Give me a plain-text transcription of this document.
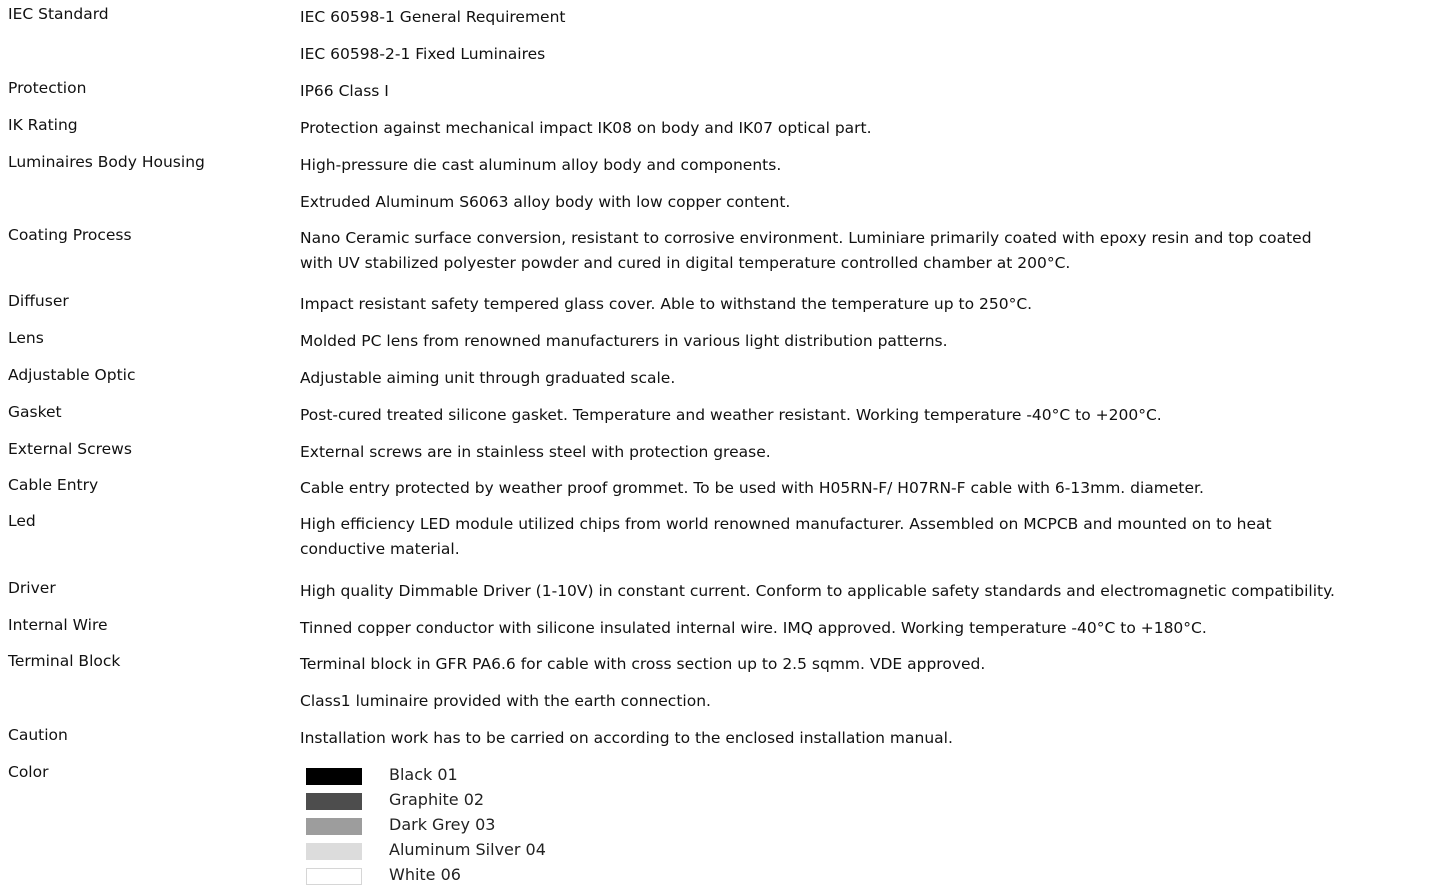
IEC Standard	IEC 60598-1 General Requirement
IEC 60598-2-1 Fixed Luminaires
Protection	IP66 Class I
IK Rating	Protection against mechanical impact IK08 on body and IK07 optical part.
Luminaires Body Housing	High-pressure die cast aluminum alloy body and components.
Extruded Aluminum S6063 alloy body with low copper content.
Coating Process	Nano Ceramic surface conversion, resistant to corrosive environment. Luminiare primarily coated with epoxy resin and top coated
with UV stabilized polyester powder and cured in digital temperature controlled chamber at 200°C.
Diffuser	Impact resistant safety tempered glass cover. Able to withstand the temperature up to 250°C.
Lens	Molded PC lens from renowned manufacturers in various light distribution patterns.
Adjustable Optic	Adjustable aiming unit through graduated scale.
Gasket	Post-cured treated silicone gasket. Temperature and weather resistant. Working temperature -40°C to +200°C.
External Screws	External screws are in stainless steel with protection grease.
Cable Entry	Cable entry protected by weather proof grommet. To be used with H05RN-F/ H07RN-F cable with 6-13mm. diameter.
Led	High efficiency LED module utilized chips from world renowned manufacturer. Assembled on MCPCB and mounted on to heat
conductive material.
Driver	High quality Dimmable Driver (1-10V) in constant current. Conform to applicable safety standards and electromagnetic compatibility.
Internal Wire	Tinned copper conductor with silicone insulated internal wire. IMQ approved. Working temperature -40°C to +180°C.
Terminal Block	Terminal block in GFR PA6.6 for cable with cross section up to 2.5 sqmm. VDE approved.
Class1 luminaire provided with the earth connection.
Caution	Installation work has to be carried on according to the enclosed installation manual.
Color	Black 01
Graphite 02
Dark Grey 03
Aluminum Silver 04
White 06
